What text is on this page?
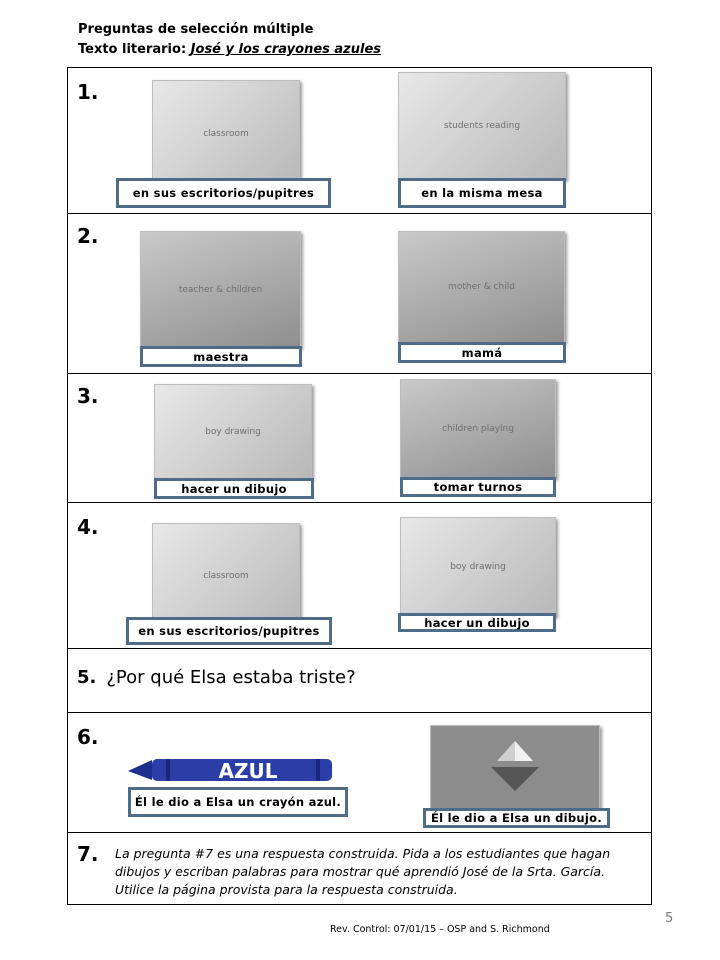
Preguntas de selección múltiple
Texto literario: José y los crayones azules
1.
classroom
en sus escritorios/pupitres
students reading
en la misma mesa
2.
teacher & children
maestra
mother & child
mamá
3.
boy drawing
hacer un dibujo
children playing
tomar turnos
4.
classroom
en sus escritorios/pupitres
boy drawing
hacer un dibujo
5. ¿Por qué Elsa estaba triste?
6.
AZUL
Él le dio a Elsa un crayón azul.
Él le dio a Elsa un dibujo.
7. La pregunta #7 es una respuesta construida. Pida a los estudiantes que hagan dibujos y escriban palabras para mostrar qué aprendió José de la Srta. García. Utilice la página provista para la respuesta construida.
5
Rev. Control: 07/01/15 – OSP and S. Richmond
